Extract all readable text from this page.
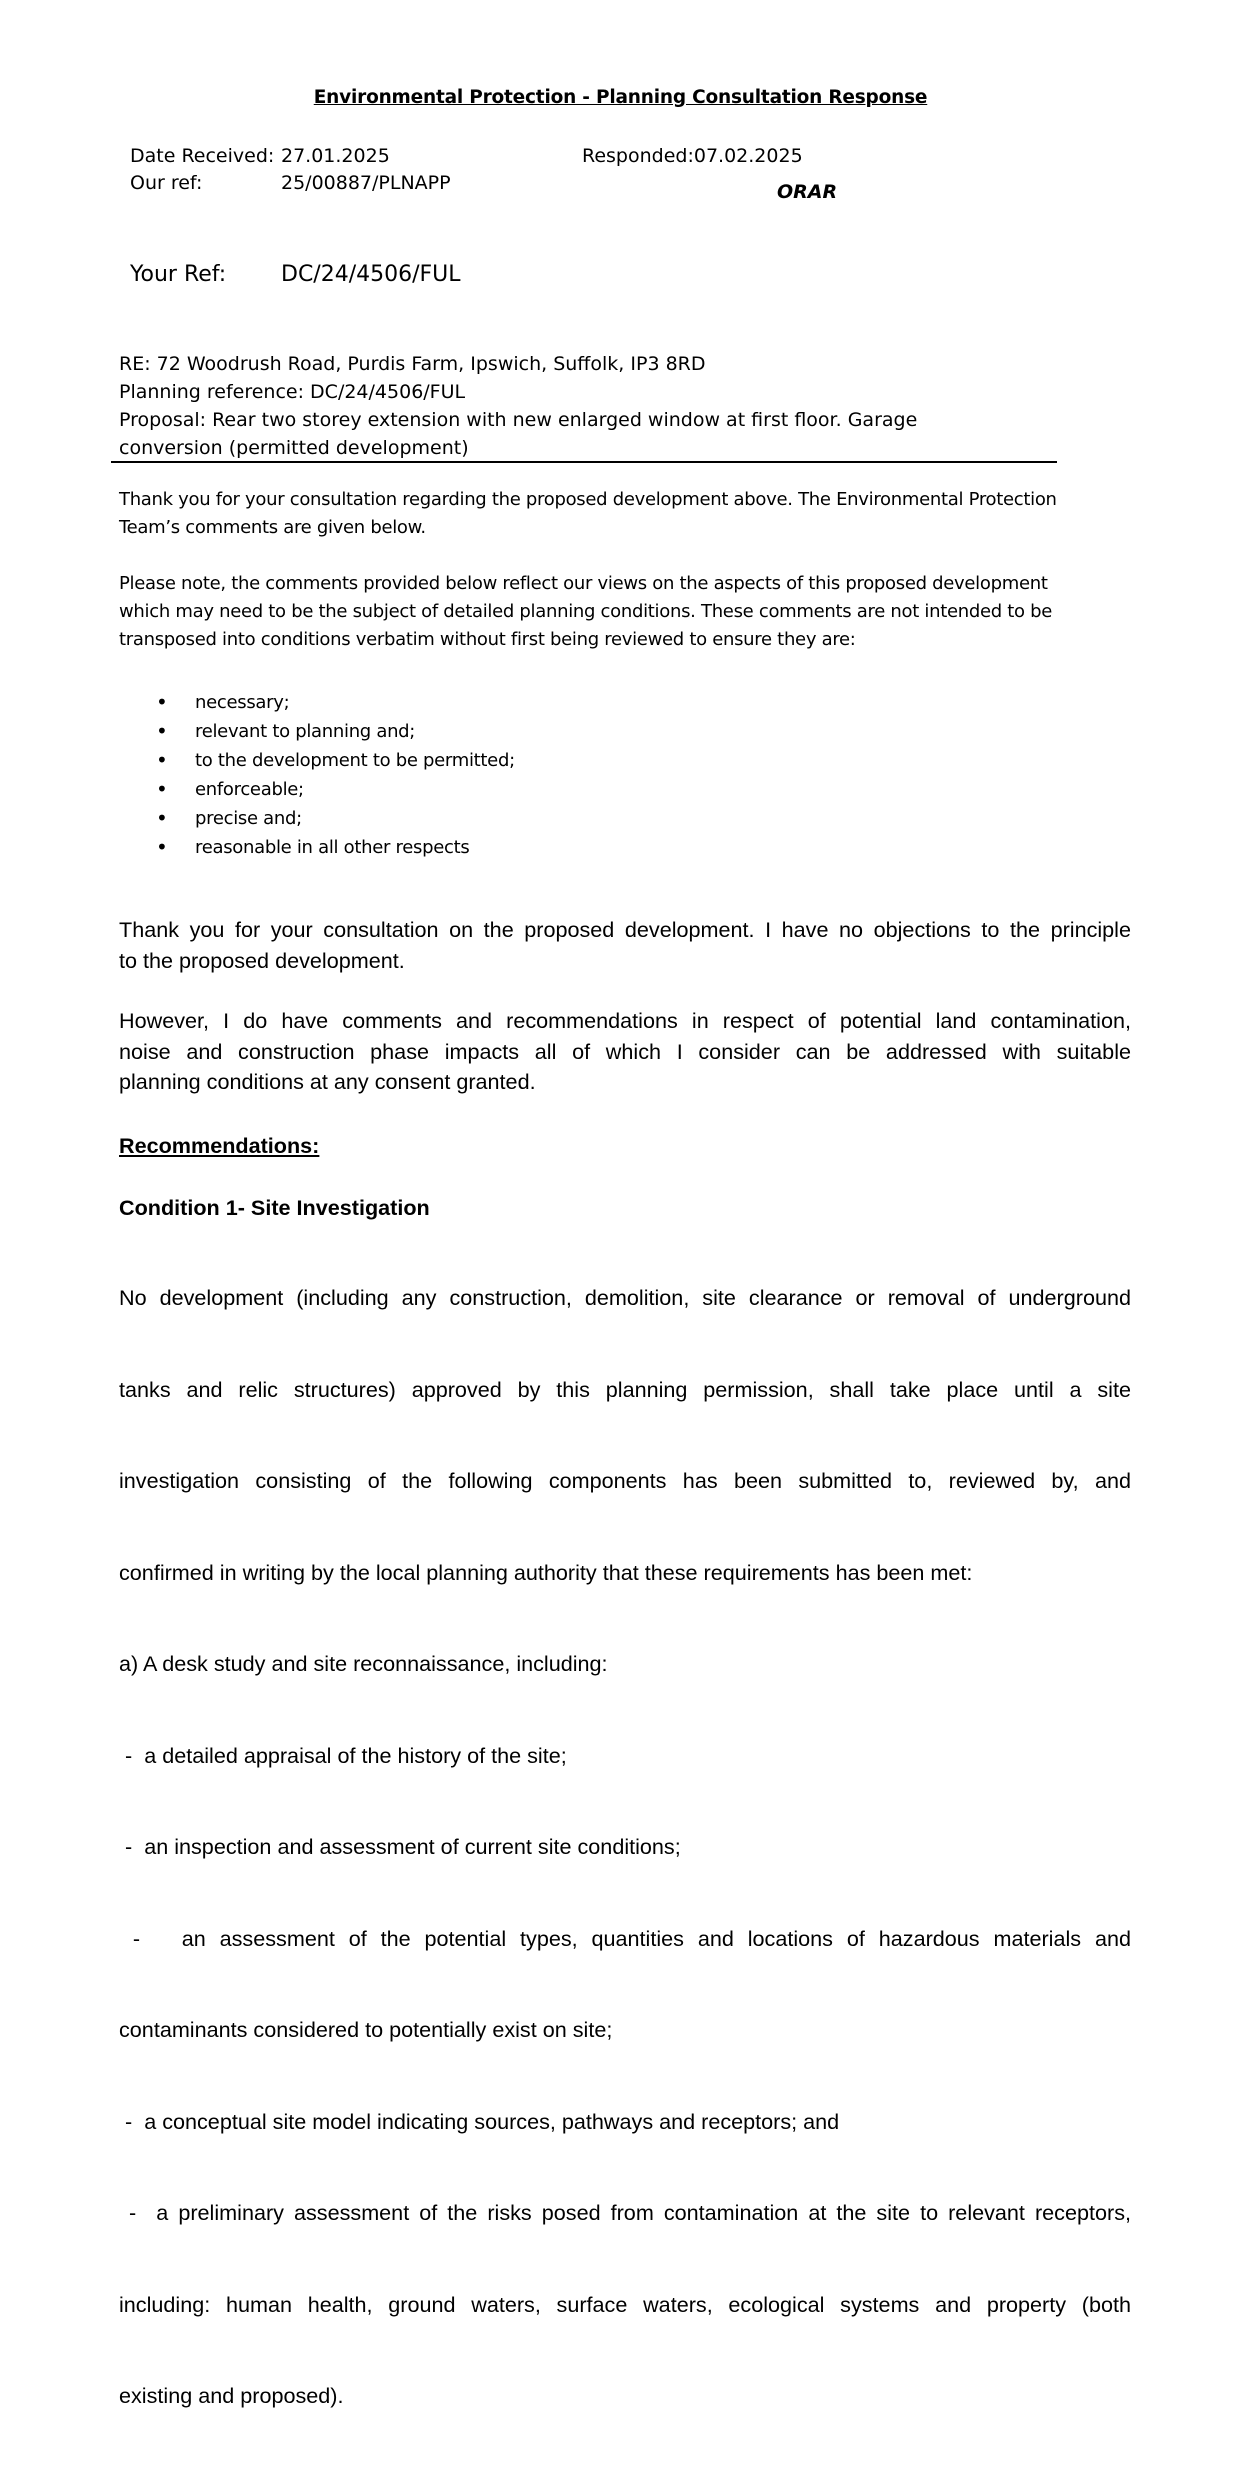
Environmental Protection - Planning Consultation Response
Date Received: 27.01.2025	Responded:07.02.2025
Our ref:	25/00887/PLNAPP	ORAR
Your Ref: DC/24/4506/FUL
RE: 72 Woodrush Road, Purdis Farm, Ipswich, Suffolk, IP3 8RD
Planning reference: DC/24/4506/FUL
Proposal: Rear two storey extension with new enlarged window at first floor. Garage
conversion (permitted development)
Thank you for your consultation regarding the proposed development above. The Environmental Protection
Team’s comments are given below.
Please note, the comments provided below reflect our views on the aspects of this proposed development
which may need to be the subject of detailed planning conditions. These comments are not intended to be
transposed into conditions verbatim without first being reviewed to ensure they are:
• necessary;
• relevant to planning and;
• to the development to be permitted;
• enforceable;
• precise and;
• reasonable in all other respects
Thank you for your consultation on the proposed development. I have no objections to the principle
to the proposed development.
However, I do have comments and recommendations in respect of potential land contamination,
noise and construction phase impacts all of which I consider can be addressed with suitable
planning conditions at any consent granted.
Recommendations:
Condition 1- Site Investigation

No development (including any construction, demolition, site clearance or removal of underground

tanks and relic structures) approved by this planning permission, shall take place until a site

investigation consisting of the following components has been submitted to, reviewed by, and

confirmed in writing by the local planning authority that these requirements has been met:

a) A desk study and site reconnaissance, including:

-  a detailed appraisal of the history of the site;

-  an inspection and assessment of current site conditions;

-   an assessment of the potential types, quantities and locations of hazardous materials and

contaminants considered to potentially exist on site;

-  a conceptual site model indicating sources, pathways and receptors; and

-  a preliminary assessment of the risks posed from contamination at the site to relevant receptors,

including: human health, ground waters, surface waters, ecological systems and property (both

existing and proposed).
